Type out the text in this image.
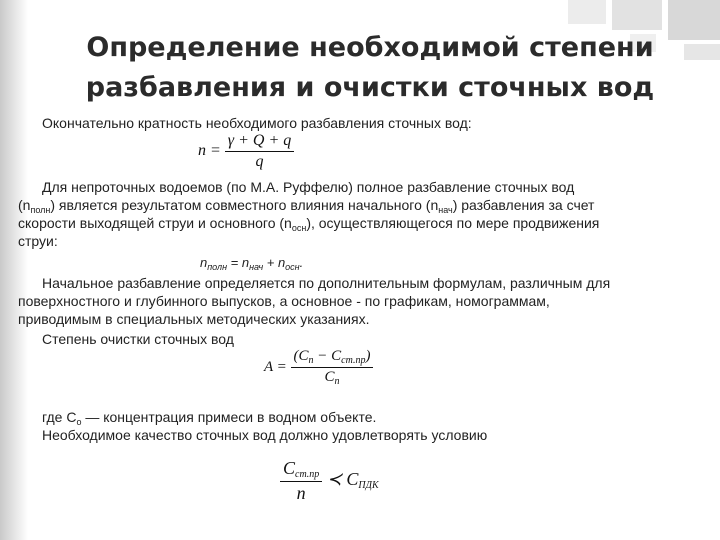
Определение необходимой степени
разбавления и очистки сточных вод
Окончательно кратность необходимого разбавления сточных вод:
$n = \frac{\gamma + Q + q}{q}$
Для непроточных водоемов (по М.А. Руффелю) полное разбавление сточных вод
$(n_{полн})$ является результатом совместного влияния начального $(n_{нач})$ разбавления за счет
скорости выходящей струи и основного $(n_{осн})$, осуществляющегося по мере продвижения
струи:
$n_{полн} = n_{нач} + n_{осн}$.
Начальное разбавление определяется по дополнительным формулам, различным для
поверхностного и глубинного выпусков, а основное - по графикам, номограммам,
приводимым в специальных методических указаниях.
Степень очистки сточных вод
$A = \frac{(C_п - C_{ст.пр})}{C_п}$
где $С_о$ — концентрация примеси в водном объекте.
Необходимое качество сточных вод должно удовлетворять условию
$\frac{\text{Cст.пр}}{n}$ ≺ CПДК
